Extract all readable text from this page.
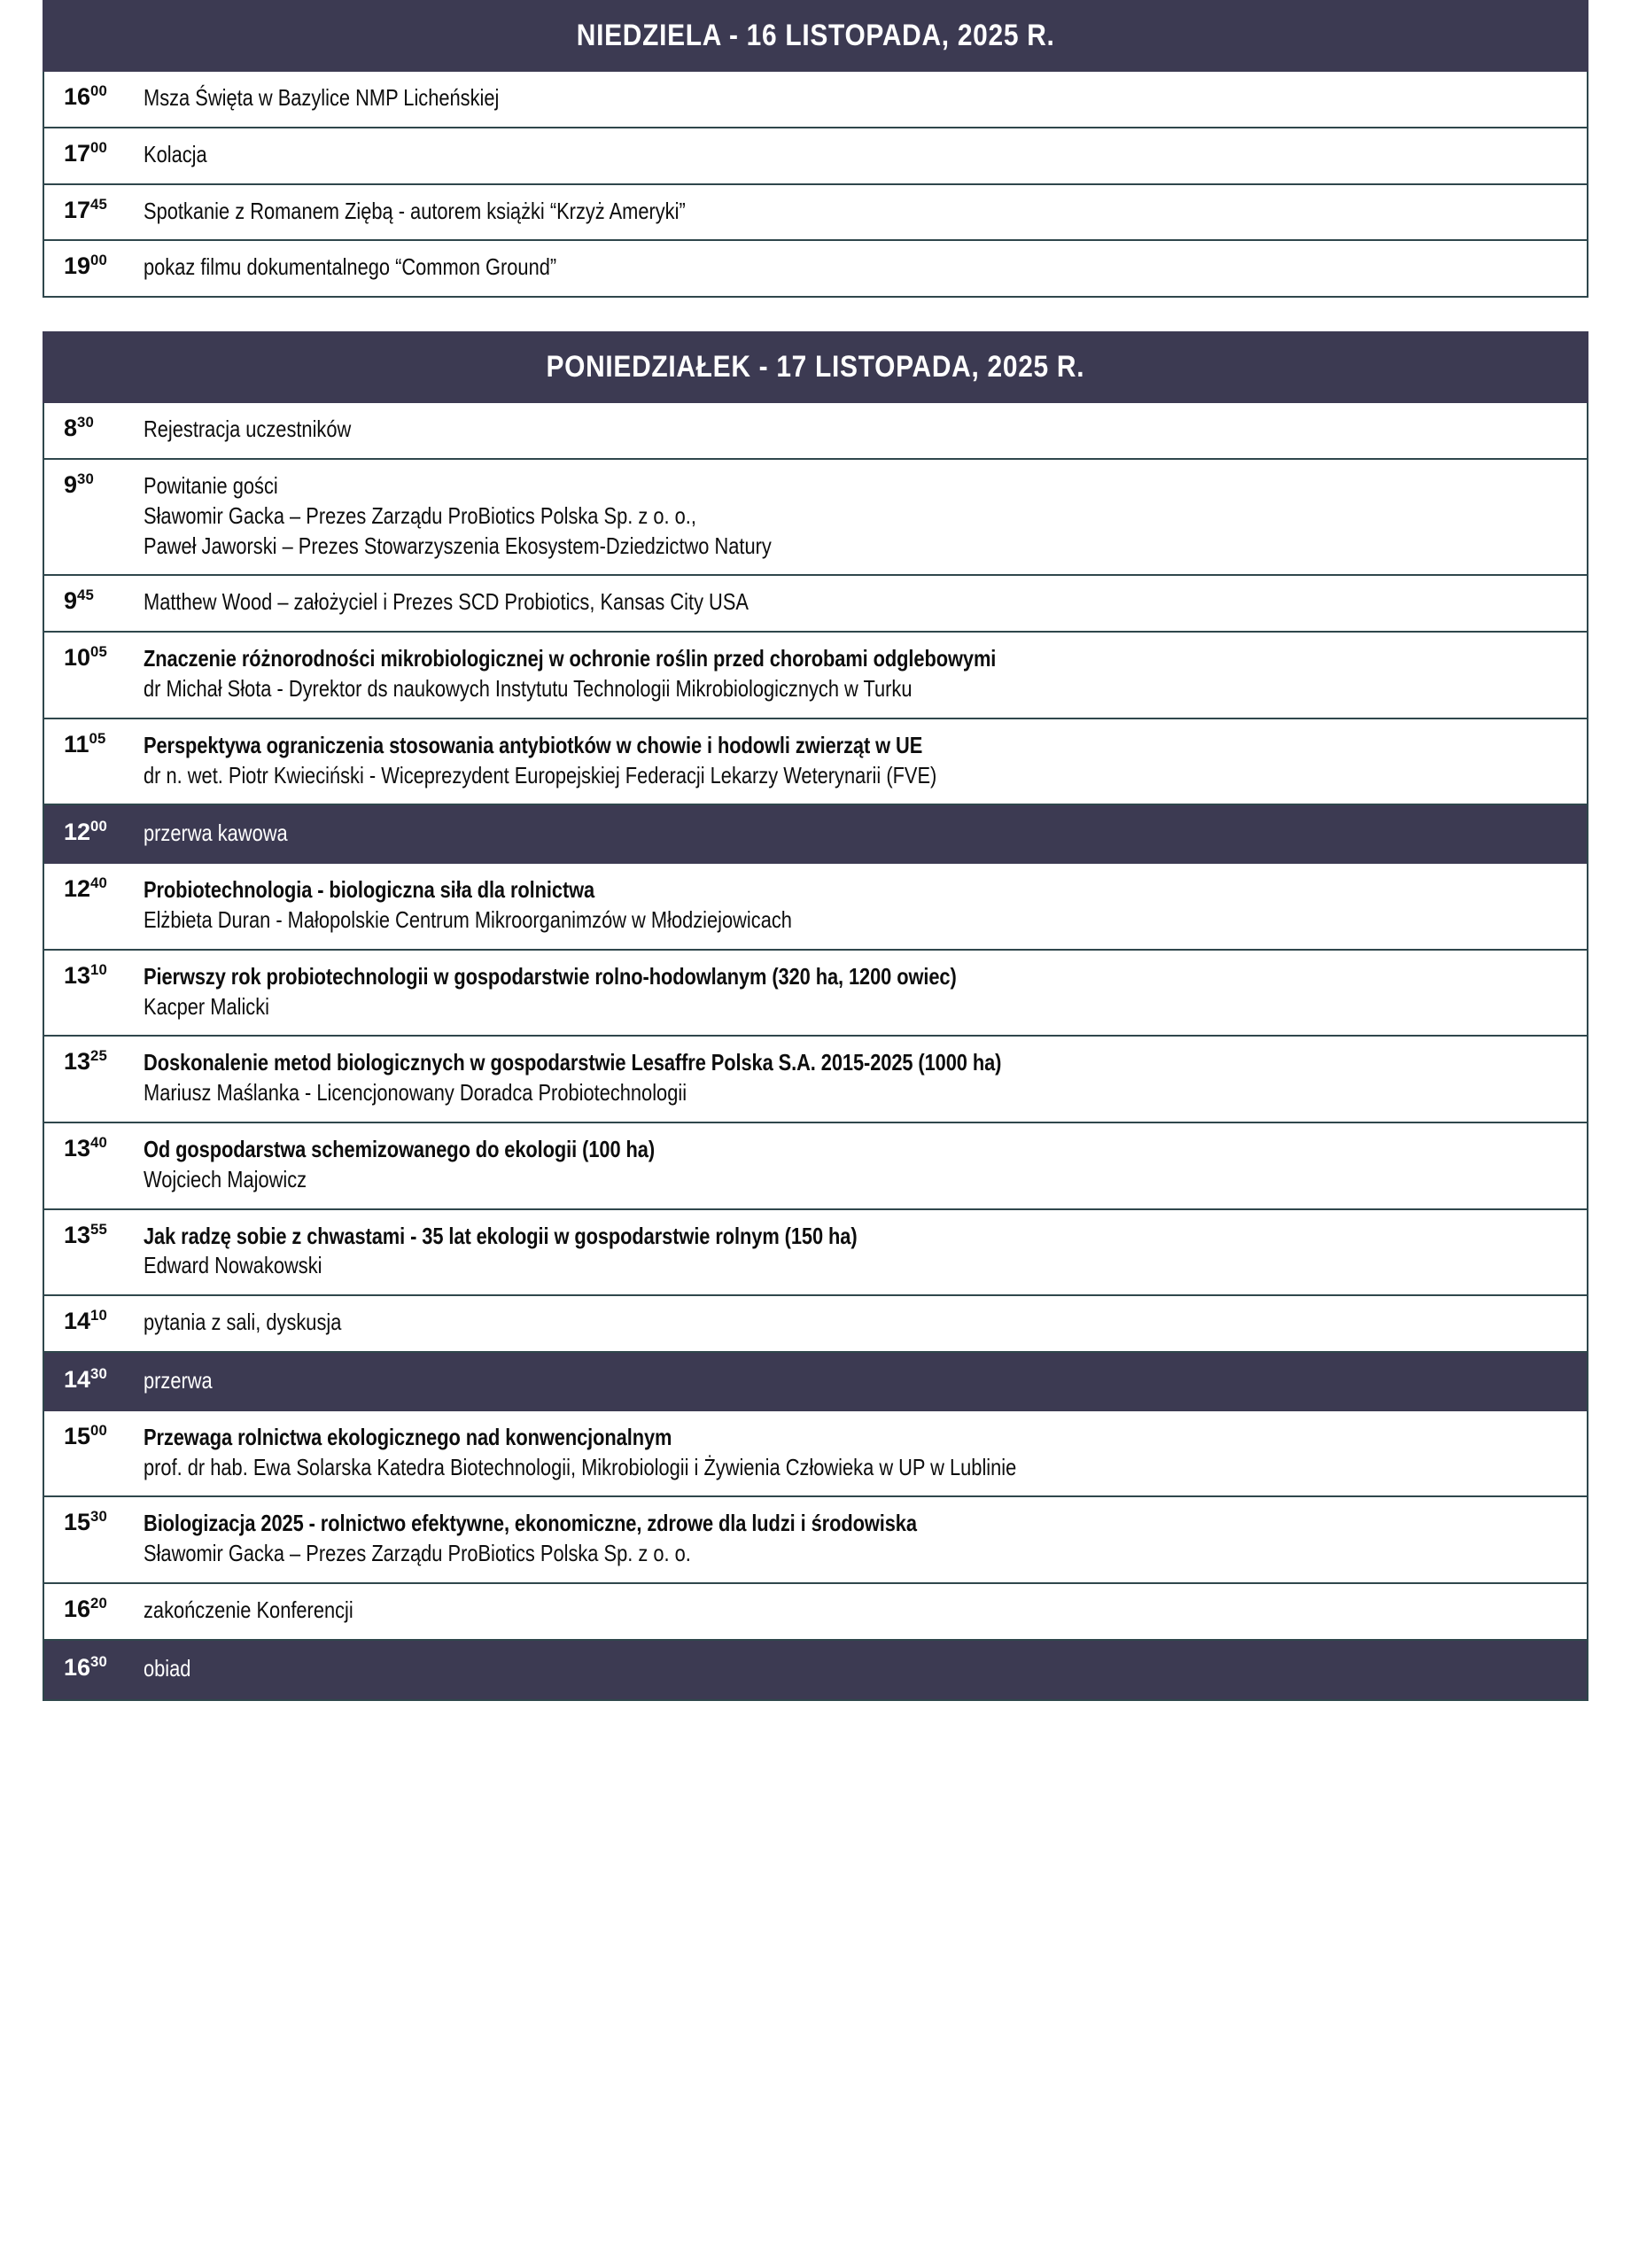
NIEDZIELA - 16 LISTOPADA, 2025 R.
$16^{00}$	Msza Święta w Bazylice NMP Licheńskiej
$17^{00}$	Kolacja
$17^{45}$	Spotkanie z Romanem Ziębą - autorem książki “Krzyż Ameryki”
$19^{00}$	pokaz filmu dokumentalnego “Common Ground”
PONIEDZIAŁEK - 17 LISTOPADA, 2025 R.
$8^{30}$	Rejestracja uczestników
$9^{30}$	Powitanie gości
Sławomir Gacka – Prezes Zarządu ProBiotics Polska Sp. z o. o.,
Paweł Jaworski – Prezes Stowarzyszenia Ekosystem-Dziedzictwo Natury
$9^{45}$	Matthew Wood – założyciel i Prezes SCD Probiotics, Kansas City USA
$10^{05}$	Znaczenie różnorodności mikrobiologicznej w ochronie roślin przed chorobami odglebowymi
dr Michał Słota - Dyrektor ds naukowych Instytutu Technologii Mikrobiologicznych w Turku
$11^{05}$	Perspektywa ograniczenia stosowania antybiotków w chowie i hodowli zwierząt w UE
dr n. wet. Piotr Kwieciński - Wiceprezydent Europejskiej Federacji Lekarzy Weterynarii (FVE)
$12^{00}$	przerwa kawowa
$12^{40}$	Probiotechnologia - biologiczna siła dla rolnictwa
Elżbieta Duran - Małopolskie Centrum Mikroorganimzów w Młodziejowicach
$13^{10}$	Pierwszy rok probiotechnologii w gospodarstwie rolno-hodowlanym (320 ha, 1200 owiec)
Kacper Malicki
$13^{25}$	Doskonalenie metod biologicznych w gospodarstwie Lesaffre Polska S.A. 2015-2025 (1000 ha)
Mariusz Maślanka - Licencjonowany Doradca Probiotechnologii
$13^{40}$	Od gospodarstwa schemizowanego do ekologii (100 ha)
Wojciech Majowicz
$13^{55}$	Jak radzę sobie z chwastami - 35 lat ekologii w gospodarstwie rolnym (150 ha)
Edward Nowakowski
$14^{10}$	pytania z sali, dyskusja
$14^{30}$	przerwa
$15^{00}$	Przewaga rolnictwa ekologicznego nad konwencjonalnym
prof. dr hab. Ewa Solarska Katedra Biotechnologii, Mikrobiologii i Żywienia Człowieka w UP w Lublinie
$15^{30}$	Biologizacja 2025 - rolnictwo efektywne, ekonomiczne, zdrowe dla ludzi i środowiska
Sławomir Gacka – Prezes Zarządu ProBiotics Polska Sp. z o. o.
$16^{20}$	zakończenie Konferencji
$16^{30}$	obiad
